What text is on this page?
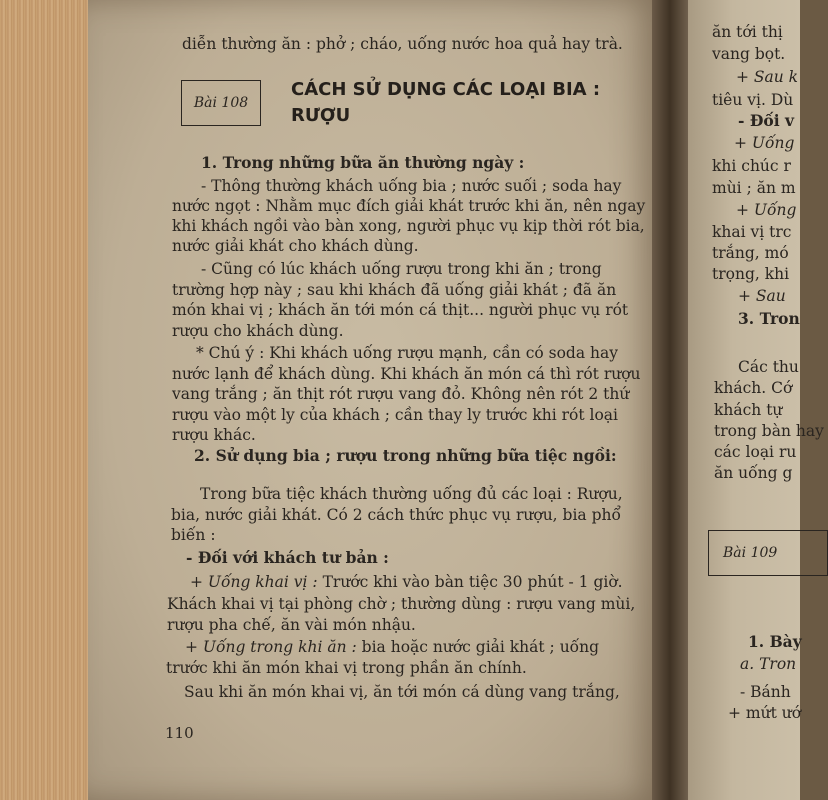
diễn thường ăn : phở ; cháo, uống nước hoa quả hay trà.
Bài 108
CÁCH SỬ DỤNG CÁC LOẠI BIA :
RƯỢU
1. Trong những bữa ăn thường ngày :
- Thông thường khách uống bia ; nước suối ; soda hay
nước ngọt : Nhằm mục đích giải khát trước khi ăn, nên ngay
khi khách ngồi vào bàn xong, người phục vụ kịp thời rót bia,
nước giải khát cho khách dùng.
- Cũng có lúc khách uống rượu trong khi ăn ; trong
trường hợp này ; sau khi khách đã uống giải khát ; đã ăn
món khai vị ; khách ăn tới món cá thịt... người phục vụ rót
rượu cho khách dùng.
* Chú ý : Khi khách uống rượu mạnh, cần có soda hay
nước lạnh để khách dùng. Khi khách ăn món cá thì rót rượu
vang trắng ; ăn thịt rót rượu vang đỏ. Không nên rót 2 thứ
rượu vào một ly của khách ; cần thay ly trước khi rót loại
rượu khác.
2. Sử dụng bia ; rượu trong những bữa tiệc ngồi:
Trong bữa tiệc khách thường uống đủ các loại : Rượu,
bia, nước giải khát. Có 2 cách thức phục vụ rượu, bia phổ
biến :
- Đối với khách tư bản :
+ Uống khai vị : Trước khi vào bàn tiệc 30 phút - 1 giờ.
Khách khai vị tại phòng chờ ; thường dùng : rượu vang mùi,
rượu pha chế, ăn vài món nhậu.
+ Uống trong khi ăn : bia hoặc nước giải khát ; uống
trước khi ăn món khai vị trong phần ăn chính.
Sau khi ăn món khai vị, ăn tới món cá dùng vang trắng,
110
ăn tới thị
vang bọt.
+ Sau k
tiêu vị. Dù
- Đối v
+ Uống
khi chúc r
mùi ; ăn m
+ Uống
khai vị trc
trắng, mó
trọng, khi
+ Sau
3. Tron
Các thu
khách. Cớ
khách tự
trong bàn hay
các loại ru
ăn uống g
Bài 109
1. Bày
a. Tron
- Bánh
+ mứt ướ
